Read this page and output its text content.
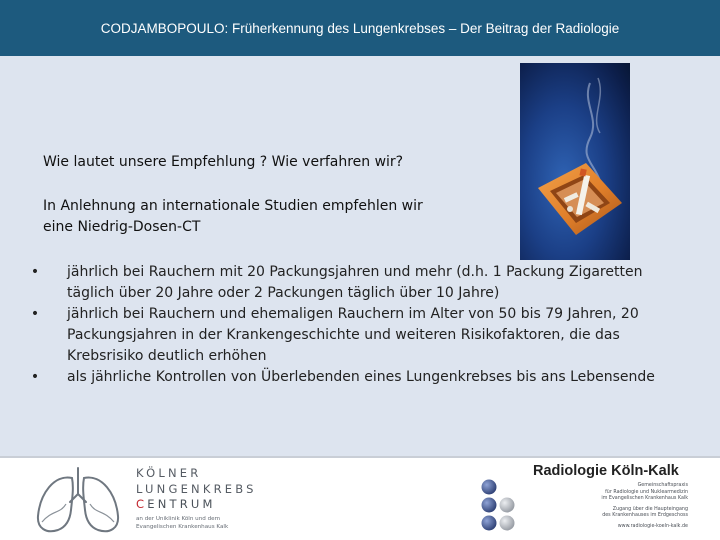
CODJAMBOPOULO: Früherkennung des Lungenkrebses – Der Beitrag der Radiologie
Wie lautet unsere Empfehlung ? Wie verfahren wir?
In Anlehnung an internationale Studien empfehlen wir
eine Niedrig-Dosen-CT
• jährlich bei Rauchern mit 20 Packungsjahren und mehr (d.h. 1 Packung Zigaretten
täglich über 20 Jahre oder 2 Packungen täglich über 10 Jahre)
• jährlich bei Rauchern und ehemaligen Rauchern im Alter von 50 bis 79 Jahren, 20
Packungsjahren in der Krankengeschichte und weiteren Risikofaktoren, die das
Krebsrisiko deutlich erhöhen
• als jährliche Kontrollen von Überlebenden eines Lungenkrebses bis ans Lebensende
KÖLNER
LUNGENKREBS
CENTRUM
an der Uniklinik Köln und dem
Evangelischen Krankenhaus Kalk
Radiologie Köln-Kalk
Gemeinschaftspraxis
für Radiologie und Nuklearmedizin
im Evangelischen Krankenhaus Kalk
Zugang über die Haupteingang
des Krankenhauses im Erdgeschoss
www.radiologie-koeln-kalk.de
